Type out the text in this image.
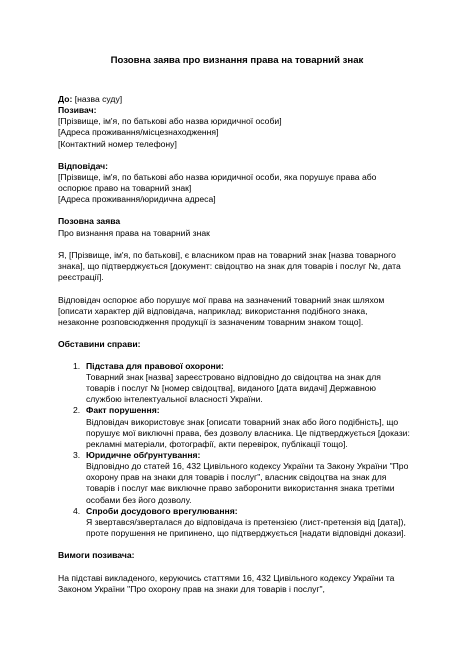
Позовна заява про визнання права на товарний знак
До: [назва суду]
Позивач:
[Прізвище, ім'я, по батькові або назва юридичної особи]
[Адреса проживання/місцезнаходження]
[Контактний номер телефону]
Відповідач:
[Прізвище, ім'я, по батькові або назва юридичної особи, яка порушує права або
оспорює право на товарний знак]
[Адреса проживання/юридична адреса]
Позовна заява
Про визнання права на товарний знак
Я, [Прізвище, ім'я, по батькові], є власником прав на товарний знак [назва товарного
знака], що підтверджується [документ: свідоцтво на знак для товарів і послуг №, дата
реєстрації].
Відповідач оспорює або порушує мої права на зазначений товарний знак шляхом
[описати характер дій відповідача, наприклад: використання подібного знака,
незаконне розповсюдження продукції із зазначеним товарним знаком тощо].
Обставини справи:
1. Підстава для правової охорони:
Товарний знак [назва] зареєстровано відповідно до свідоцтва на знак для
товарів і послуг № [номер свідоцтва], виданого [дата видачі] Державною
службою інтелектуальної власності України.
2. Факт порушення:
Відповідач використовує знак [описати товарний знак або його подібність], що
порушує мої виключні права, без дозволу власника. Це підтверджується [докази:
рекламні матеріали, фотографії, акти перевірок, публікації тощо].
3. Юридичне обґрунтування:
Відповідно до статей 16, 432 Цивільного кодексу України та Закону України "Про
охорону прав на знаки для товарів і послуг", власник свідоцтва на знак для
товарів і послуг має виключне право заборонити використання знака третіми
особами без його дозволу.
4. Спроби досудового врегулювання:
Я звертався/зверталася до відповідача із претензією (лист-претензія від [дата]),
проте порушення не припинено, що підтверджується [надати відповідні докази].
Вимоги позивача:
На підставі викладеного, керуючись статтями 16, 432 Цивільного кодексу України та
Законом України "Про охорону прав на знаки для товарів і послуг",
